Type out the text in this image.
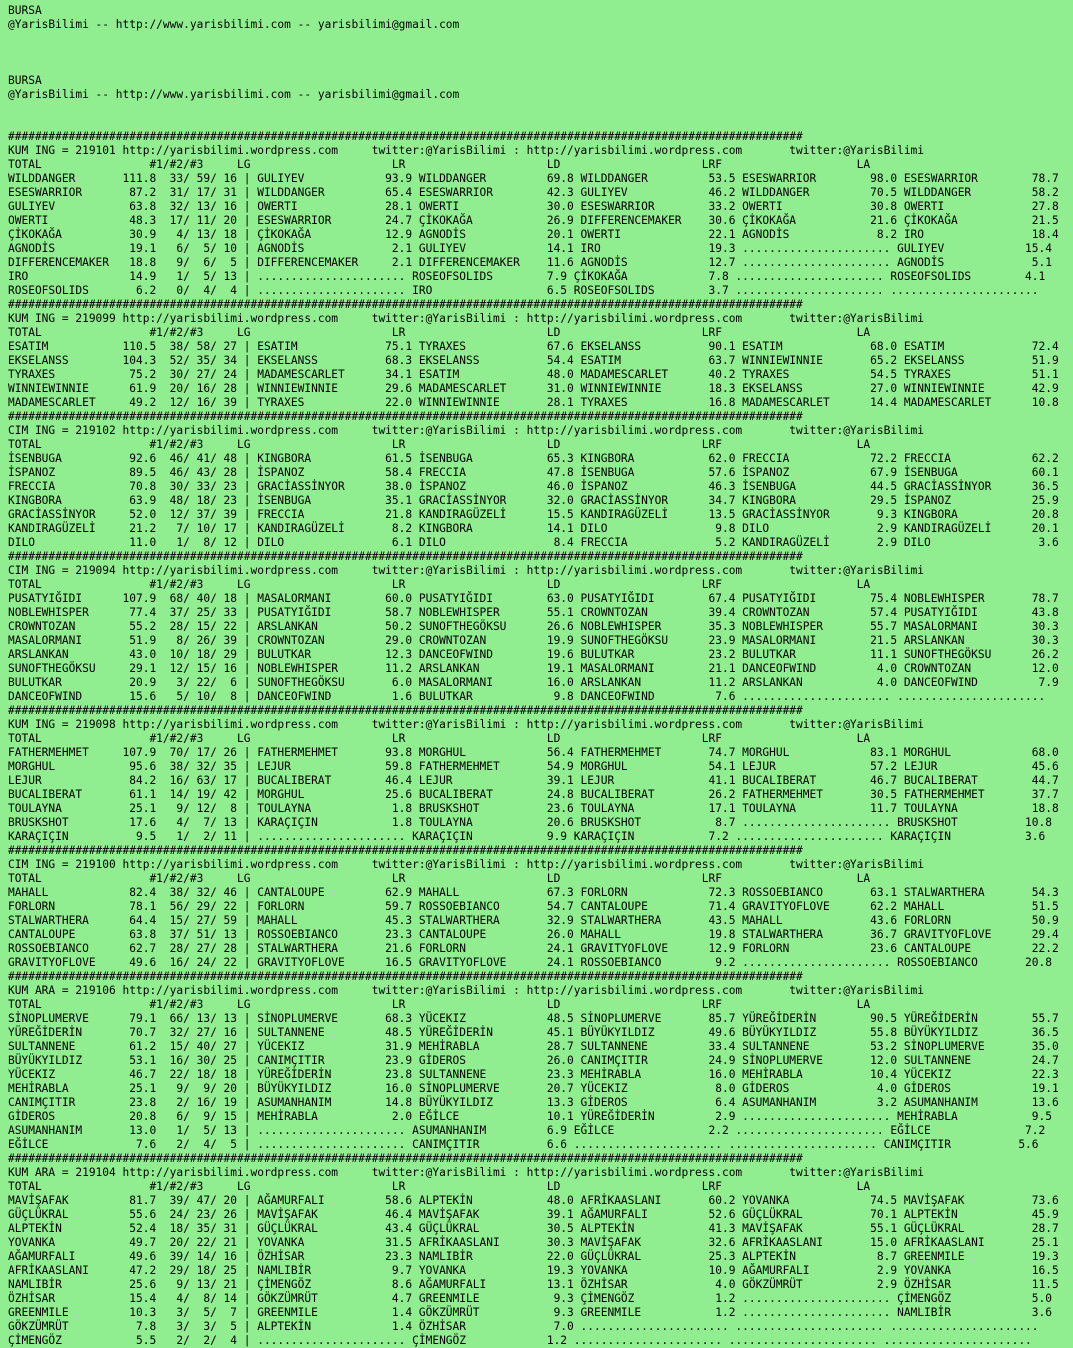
BURSA
@YarisBilimi -- http://www.yarisbilimi.com -- yarisbilimi@gmail.com
BURSA
@YarisBilimi -- http://www.yarisbilimi.com -- yarisbilimi@gmail.com
######################################################################################################################
KUM ING = 219101 http://yarisbilimi.wordpress.com     twitter:@YarisBilimi : http://yarisbilimi.wordpress.com       twitter:@YarisBilimi
TOTAL                #1/#2/#3     LG                     LR                     LD                     LRF                    LA
WILDDANGER       111.8  33/ 59/ 16 | GULIYEV            93.9 WILDDANGER         69.8 WILDDANGER         53.5 ESESWARRIOR        98.0 ESESWARRIOR        78.7
ESESWARRIOR       87.2  31/ 17/ 31 | WILDDANGER         65.4 ESESWARRIOR        42.3 GULIYEV            46.2 WILDDANGER         70.5 WILDDANGER         58.2
GULIYEV           63.8  32/ 13/ 16 | OWERTI             28.1 OWERTI             30.0 ESESWARRIOR        33.2 OWERTI             30.8 OWERTI             27.8
OWERTI            48.3  17/ 11/ 20 | ESESWARRIOR        24.7 ÇİKOKAĞA           26.9 DIFFERENCEMAKER    30.6 ÇİKOKAĞA           21.6 ÇİKOKAĞA           21.5
ÇİKOKAĞA          30.9   4/ 13/ 18 | ÇİKOKAĞA           12.9 AGNODİS            20.1 OWERTI             22.1 AGNODİS             8.2 IRO                18.4
AGNODİS           19.1   6/  5/ 10 | AGNODİS             2.1 GULIYEV            14.1 IRO                19.3 ...................... GULIYEV            15.4
DIFFERENCEMAKER   18.8   9/  6/  5 | DIFFERENCEMAKER     2.1 DIFFERENCEMAKER    11.6 AGNODİS            12.7 ...................... AGNODİS             5.1
IRO               14.9   1/  5/ 13 | ...................... ROSEOFSOLIDS        7.9 ÇİKOKAĞA            7.8 ...................... ROSEOFSOLIDS        4.1
ROSEOFSOLIDS       6.2   0/  4/  4 | ...................... IRO                 6.5 ROSEOFSOLIDS        3.7 ...................... ......................
######################################################################################################################
KUM ING = 219099 http://yarisbilimi.wordpress.com     twitter:@YarisBilimi : http://yarisbilimi.wordpress.com       twitter:@YarisBilimi
TOTAL                #1/#2/#3     LG                     LR                     LD                     LRF                    LA
ESATIM           110.5  38/ 58/ 27 | ESATIM             75.1 TYRAXES            67.6 EKSELANSS          90.1 ESATIM             68.0 ESATIM             72.4
EKSELANSS        104.3  52/ 35/ 34 | EKSELANSS          68.3 EKSELANSS          54.4 ESATIM             63.7 WINNIEWINNIE       65.2 EKSELANSS          51.9
TYRAXES           75.2  30/ 27/ 24 | MADAMESCARLET      34.1 ESATIM             48.0 MADAMESCARLET      40.2 TYRAXES            54.5 TYRAXES            51.1
WINNIEWINNIE      61.9  20/ 16/ 28 | WINNIEWINNIE       29.6 MADAMESCARLET      31.0 WINNIEWINNIE       18.3 EKSELANSS          27.0 WINNIEWINNIE       42.9
MADAMESCARLET     49.2  12/ 16/ 39 | TYRAXES            22.0 WINNIEWINNIE       28.1 TYRAXES            16.8 MADAMESCARLET      14.4 MADAMESCARLET      10.8
######################################################################################################################
CIM ING = 219102 http://yarisbilimi.wordpress.com     twitter:@YarisBilimi : http://yarisbilimi.wordpress.com       twitter:@YarisBilimi
TOTAL                #1/#2/#3     LG                     LR                     LD                     LRF                    LA
İSENBUGA          92.6  46/ 41/ 48 | KINGBORA           61.5 İSENBUGA           65.3 KINGBORA           62.0 FRECCIA            72.2 FRECCIA            62.2
İSPANOZ           89.5  46/ 43/ 28 | İSPANOZ            58.4 FRECCIA            47.8 İSENBUGA           57.6 İSPANOZ            67.9 İSENBUGA           60.1
FRECCIA           70.8  30/ 33/ 23 | GRACİASSİNYOR      38.0 İSPANOZ            46.0 İSPANOZ            46.3 İSENBUGA           44.5 GRACİASSİNYOR      36.5
KINGBORA          63.9  48/ 18/ 23 | İSENBUGA           35.1 GRACİASSİNYOR      32.0 GRACİASSİNYOR      34.7 KINGBORA           29.5 İSPANOZ            25.9
GRACİASSİNYOR     52.0  12/ 37/ 39 | FRECCIA            21.8 KANDIRAGÜZELİ      15.5 KANDIRAGÜZELİ      13.5 GRACİASSİNYOR       9.3 KINGBORA           20.8
KANDIRAGÜZELİ     21.2   7/ 10/ 17 | KANDIRAGÜZELİ       8.2 KINGBORA           14.1 DILO                9.8 DILO                2.9 KANDIRAGÜZELİ      20.1
DILO              11.0   1/  8/ 12 | DILO                6.1 DILO                8.4 FRECCIA             5.2 KANDIRAGÜZELİ       2.9 DILO                3.6
######################################################################################################################
CIM ING = 219094 http://yarisbilimi.wordpress.com     twitter:@YarisBilimi : http://yarisbilimi.wordpress.com       twitter:@YarisBilimi
TOTAL                #1/#2/#3     LG                     LR                     LD                     LRF                    LA
PUSATYIĞIDI      107.9  68/ 40/ 18 | MASALORMANI        60.0 PUSATYIĞIDI        63.0 PUSATYIĞIDI        67.4 PUSATYIĞIDI        75.4 NOBLEWHISPER       78.7
NOBLEWHISPER      77.4  37/ 25/ 33 | PUSATYIĞIDI        58.7 NOBLEWHISPER       55.1 CROWNTOZAN         39.4 CROWNTOZAN         57.4 PUSATYIĞIDI        43.8
CROWNTOZAN        55.2  28/ 15/ 22 | ARSLANKAN          50.2 SUNOFTHEGÖKSU      26.6 NOBLEWHISPER       35.3 NOBLEWHISPER       55.7 MASALORMANI        30.3
MASALORMANI       51.9   8/ 26/ 39 | CROWNTOZAN         29.0 CROWNTOZAN         19.9 SUNOFTHEGÖKSU      23.9 MASALORMANI        21.5 ARSLANKAN          30.3
ARSLANKAN         43.0  10/ 18/ 29 | BULUTKAR           12.3 DANCEOFWIND        19.6 BULUTKAR           23.2 BULUTKAR           11.1 SUNOFTHEGÖKSU      26.2
SUNOFTHEGÖKSU     29.1  12/ 15/ 16 | NOBLEWHISPER       11.2 ARSLANKAN          19.1 MASALORMANI        21.1 DANCEOFWIND         4.0 CROWNTOZAN         12.0
BULUTKAR          20.9   3/ 22/  6 | SUNOFTHEGÖKSU       6.0 MASALORMANI        16.0 ARSLANKAN          11.2 ARSLANKAN           4.0 DANCEOFWIND         7.9
DANCEOFWIND       15.6   5/ 10/  8 | DANCEOFWIND         1.6 BULUTKAR            9.8 DANCEOFWIND         7.6 ...................... ......................
######################################################################################################################
KUM ING = 219098 http://yarisbilimi.wordpress.com     twitter:@YarisBilimi : http://yarisbilimi.wordpress.com       twitter:@YarisBilimi
TOTAL                #1/#2/#3     LG                     LR                     LD                     LRF                    LA
FATHERMEHMET     107.9  70/ 17/ 26 | FATHERMEHMET       93.8 MORGHUL            56.4 FATHERMEHMET       74.7 MORGHUL            83.1 MORGHUL            68.0
MORGHUL           95.6  38/ 32/ 35 | LEJUR              59.8 FATHERMEHMET       54.9 MORGHUL            54.1 LEJUR              57.2 LEJUR              45.6
LEJUR             84.2  16/ 63/ 17 | BUCALIBERAT        46.4 LEJUR              39.1 LEJUR              41.1 BUCALIBERAT        46.7 BUCALIBERAT        44.7
BUCALIBERAT       61.1  14/ 19/ 42 | MORGHUL            25.6 BUCALIBERAT        24.8 BUCALIBERAT        26.2 FATHERMEHMET       30.5 FATHERMEHMET       37.7
TOULAYNA          25.1   9/ 12/  8 | TOULAYNA            1.8 BRUSKSHOT          23.6 TOULAYNA           17.1 TOULAYNA           11.7 TOULAYNA           18.8
BRUSKSHOT         17.6   4/  7/ 13 | KARAÇIÇIN           1.8 TOULAYNA           20.6 BRUSKSHOT           8.7 ...................... BRUSKSHOT          10.8
KARAÇIÇIN          9.5   1/  2/ 11 | ...................... KARAÇIÇIN           9.9 KARAÇIÇIN           7.2 ...................... KARAÇIÇIN           3.6
######################################################################################################################
CIM ING = 219100 http://yarisbilimi.wordpress.com     twitter:@YarisBilimi : http://yarisbilimi.wordpress.com       twitter:@YarisBilimi
TOTAL                #1/#2/#3     LG                     LR                     LD                     LRF                    LA
MAHALL            82.4  38/ 32/ 46 | CANTALOUPE         62.9 MAHALL             67.3 FORLORN            72.3 ROSSOEBIANCO       63.1 STALWARTHERA       54.3
FORLORN           78.1  56/ 29/ 22 | FORLORN            59.7 ROSSOEBIANCO       54.7 CANTALOUPE         71.4 GRAVITYOFLOVE      62.2 MAHALL             51.5
STALWARTHERA      64.4  15/ 27/ 59 | MAHALL             45.3 STALWARTHERA       32.9 STALWARTHERA       43.5 MAHALL             43.6 FORLORN            50.9
CANTALOUPE        63.8  37/ 51/ 13 | ROSSOEBIANCO       23.3 CANTALOUPE         26.0 MAHALL             19.8 STALWARTHERA       36.7 GRAVITYOFLOVE      29.4
ROSSOEBIANCO      62.7  28/ 27/ 28 | STALWARTHERA       21.6 FORLORN            24.1 GRAVITYOFLOVE      12.9 FORLORN            23.6 CANTALOUPE         22.2
GRAVITYOFLOVE     49.6  16/ 24/ 22 | GRAVITYOFLOVE      16.5 GRAVITYOFLOVE      24.1 ROSSOEBIANCO        9.2 ...................... ROSSOEBIANCO       20.8
######################################################################################################################
KUM ARA = 219106 http://yarisbilimi.wordpress.com     twitter:@YarisBilimi : http://yarisbilimi.wordpress.com       twitter:@YarisBilimi
TOTAL                #1/#2/#3     LG                     LR                     LD                     LRF                    LA
SİNOPLUMERVE      79.1  66/ 13/ 13 | SİNOPLUMERVE       68.3 YÜCEKIZ            48.5 SİNOPLUMERVE       85.7 YÜREĞİDERİN        90.5 YÜREĞİDERİN        55.7
YÜREĞİDERİN       70.7  32/ 27/ 16 | SULTANNENE         48.5 YÜREĞİDERİN        45.1 BÜYÜKYILDIZ        49.6 BÜYÜKYILDIZ        55.8 BÜYÜKYILDIZ        36.5
SULTANNENE        61.2  15/ 40/ 27 | YÜCEKIZ            31.9 MEHİRABLA          28.7 SULTANNENE         33.4 SULTANNENE         53.2 SİNOPLUMERVE       35.0
BÜYÜKYILDIZ       53.1  16/ 30/ 25 | CANIMÇITIR         23.9 GİDEROS            26.0 CANIMÇITIR         24.9 SİNOPLUMERVE       12.0 SULTANNENE         24.7
YÜCEKIZ           46.7  22/ 18/ 18 | YÜREĞİDERİN        23.8 SULTANNENE         23.3 MEHİRABLA          16.0 MEHİRABLA          10.4 YÜCEKIZ            22.3
MEHİRABLA         25.1   9/  9/ 20 | BÜYÜKYILDIZ        16.0 SİNOPLUMERVE       20.7 YÜCEKIZ             8.0 GİDEROS             4.0 GİDEROS            19.1
CANIMÇITIR        23.8   2/ 16/ 19 | ASUMANHANIM        14.8 BÜYÜKYILDIZ        13.3 GİDEROS             6.4 ASUMANHANIM         3.2 ASUMANHANIM        13.6
GİDEROS           20.8   6/  9/ 15 | MEHİRABLA           2.0 EĞİLCE             10.1 YÜREĞİDERİN         2.9 ...................... MEHİRABLA           9.5
ASUMANHANIM       13.0   1/  5/ 13 | ...................... ASUMANHANIM         6.9 EĞİLCE              2.2 ...................... EĞİLCE              7.2
EĞİLCE             7.6   2/  4/  5 | ...................... CANIMÇITIR          6.6 ...................... ...................... CANIMÇITIR          5.6
######################################################################################################################
KUM ARA = 219104 http://yarisbilimi.wordpress.com     twitter:@YarisBilimi : http://yarisbilimi.wordpress.com       twitter:@YarisBilimi
TOTAL                #1/#2/#3     LG                     LR                     LD                     LRF                    LA
MAVİŞAFAK         81.7  39/ 47/ 20 | AĞAMURFALI         58.6 ALPTEKİN           48.0 AFRİKAASLANI       60.2 YOVANKA            74.5 MAVİŞAFAK          73.6
GÜÇLÜKRAL         55.6  24/ 23/ 26 | MAVİŞAFAK          46.4 MAVİŞAFAK          39.1 AĞAMURFALI         52.6 GÜÇLÜKRAL          70.1 ALPTEKİN           45.9
ALPTEKİN          52.4  18/ 35/ 31 | GÜÇLÜKRAL          43.4 GÜÇLÜKRAL          30.5 ALPTEKİN           41.3 MAVİŞAFAK          55.1 GÜÇLÜKRAL          28.7
YOVANKA           49.7  20/ 22/ 21 | YOVANKA            31.5 AFRİKAASLANI       30.3 MAVİŞAFAK          32.6 AFRİKAASLANI       15.0 AFRİKAASLANI       25.1
AĞAMURFALI        49.6  39/ 14/ 16 | ÖZHİSAR            23.3 NAMLIBİR           22.0 GÜÇLÜKRAL          25.3 ALPTEKİN            8.7 GREENMILE          19.3
AFRİKAASLANI      47.2  29/ 18/ 25 | NAMLIBİR            9.7 YOVANKA            19.3 YOVANKA            10.9 AĞAMURFALI          2.9 YOVANKA            16.5
NAMLIBİR          25.6   9/ 13/ 21 | ÇİMENGÖZ            8.6 AĞAMURFALI         13.1 ÖZHİSAR             4.0 GÖKZÜMRÜT           2.9 ÖZHİSAR            11.5
ÖZHİSAR           15.4   4/  8/ 14 | GÖKZÜMRÜT           4.7 GREENMILE           9.3 ÇİMENGÖZ            1.2 ...................... ÇİMENGÖZ            5.0
GREENMILE         10.3   3/  5/  7 | GREENMILE           1.4 GÖKZÜMRÜT           9.3 GREENMILE           1.2 ...................... NAMLIBİR            3.6
GÖKZÜMRÜT          7.8   3/  3/  5 | ALPTEKİN            1.4 ÖZHİSAR             7.0 ...................... ...................... ......................
ÇİMENGÖZ           5.5   2/  2/  4 | ...................... ÇİMENGÖZ            1.2 ...................... ...................... ......................
